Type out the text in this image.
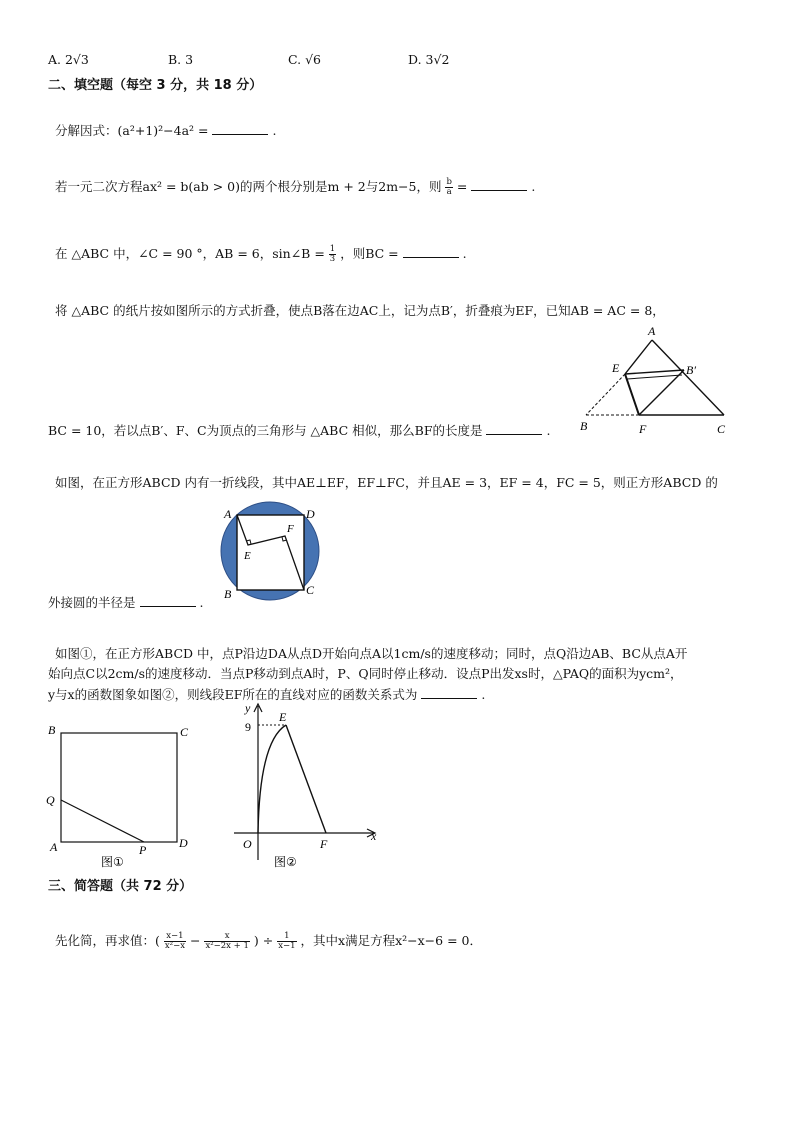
A. 2√3	B. 3	C. √6	D. 3√2
二、填空题（每空 3 分，共 18 分）
分解因式：(a²+1)²−4a² =	.
若一元二次方程ax² = b(ab > 0)的两个根分别是m + 2与2m−5，则 $\frac{b}{a}$ =	.
在 △ABC 中，∠C = 90 °，AB = 6，sin∠B = $\frac{1}{3}$ ，则BC =	.
将 △ABC 的纸片按如图所示的方式折叠，使点B落在边AC上，记为点B′，折叠痕为EF，已知AB = AC = 8，
A
E	B′
B	F	C
BC = 10，若以点B′、F、C为顶点的三角形与 △ABC 相似，那么BF的长度是	.
如图，在正方形ABCD 内有一折线段，其中AE⊥EF，EF⊥FC，并且AE = 3，EF = 4，FC = 5，则正方形ABCD 的
A	D
F
E
B	C
外接圆的半径是	.
如图①，在正方形ABCD 中，点P沿边DA从点D开始向点A以1cm/s的速度移动；同时，点Q沿边AB、BC从点A开
始向点C以2cm/s的速度移动．当点P移动到点A时，P、Q同时停止移动．设点P出发xs时，△PAQ的面积为ycm²，
y与x的函数图象如图②，则线段EF所在的直线对应的函数关系式为	.
B	C
Q
A	P	D
图①
y
E
9
O	F
x
图②
三、简答题（共 72 分）
先化简，再求值：( $\frac{x-1}{\text{x²−x}} - \frac{x}{\text{x²−2x + 1}}$ ) ÷ $\frac{1}{x-1}$ ，其中x满足方程x²−x−6 = 0．
